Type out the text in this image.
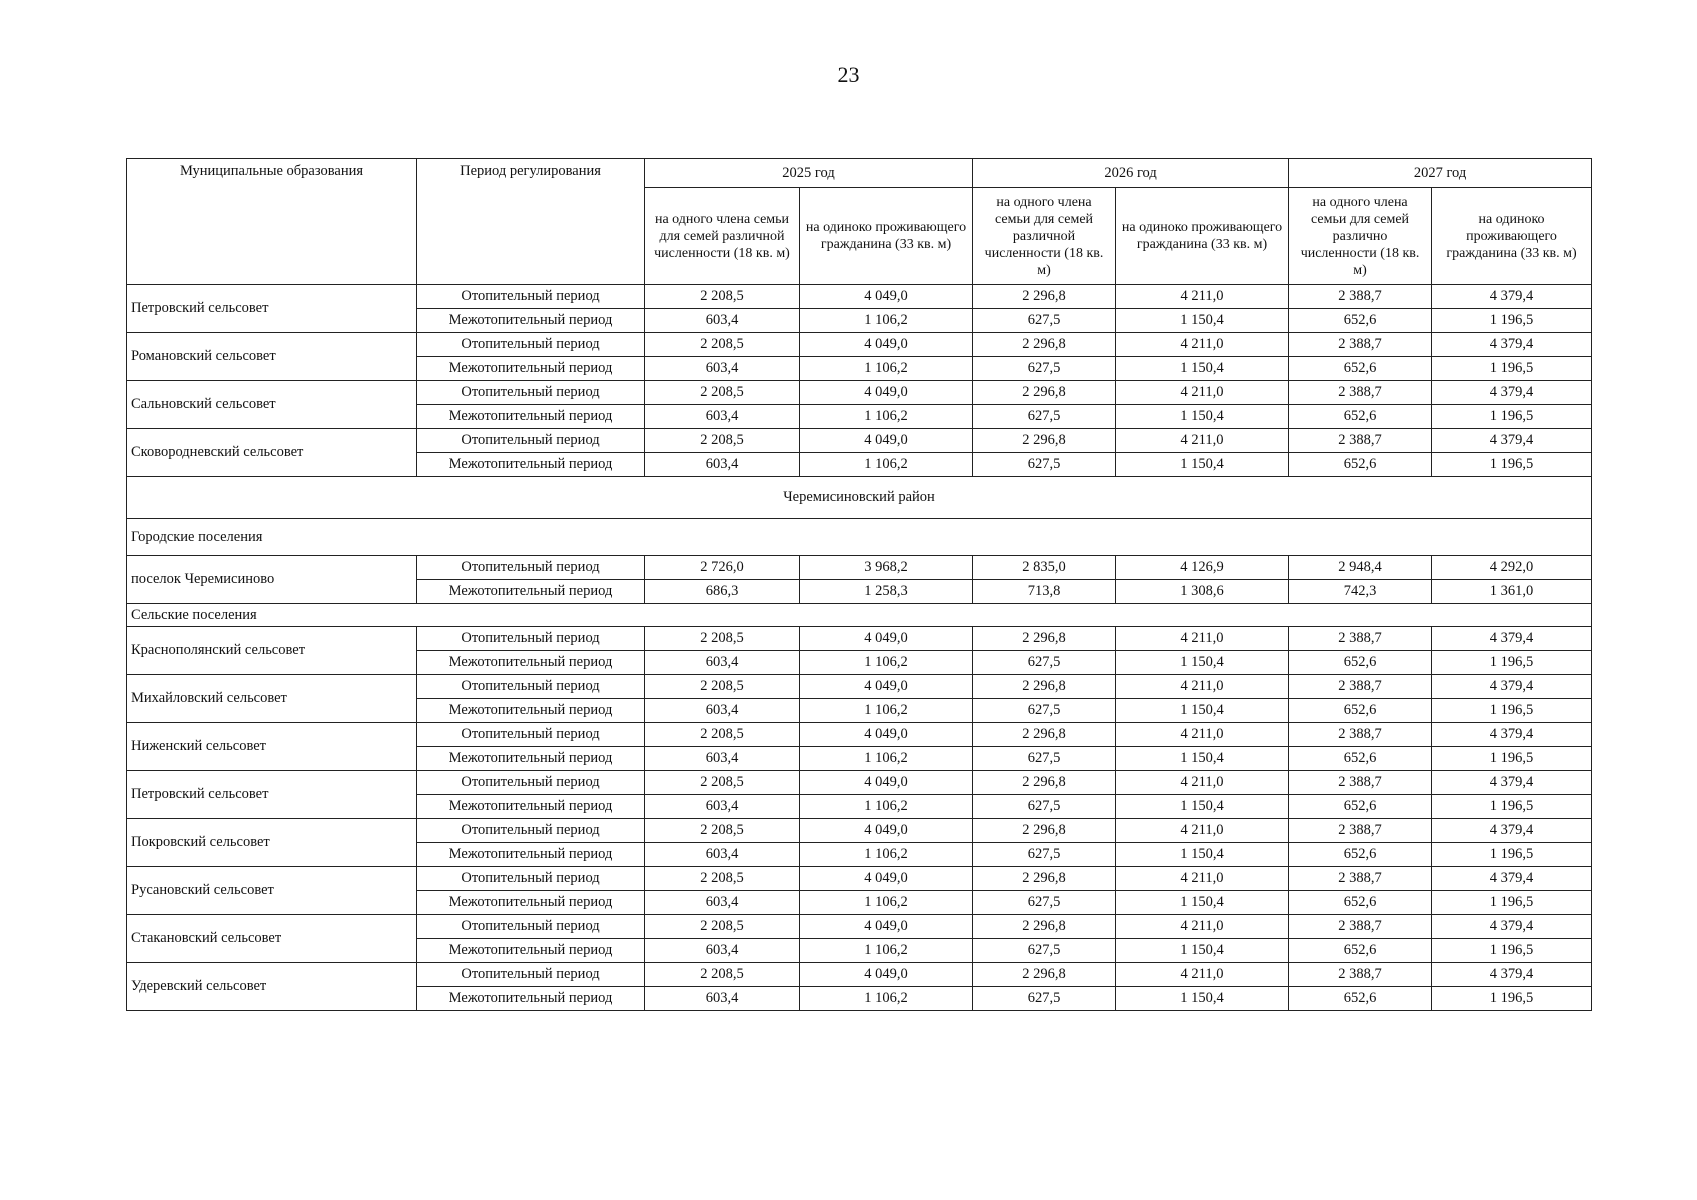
23
Муниципальные образования	Период регулирования	2025 год		2026 год		2027 год	
		на одного члена семьи для семей различной численности (18 кв. м)	на одиноко проживающего гражданина (33 кв. м)	на одного члена семьи для семей различной численности (18 кв. м)	на одиноко проживающего гражданина (33 кв. м)	на одного члена семьи для семей различно численности (18 кв. м)	на одиноко проживающего гражданина (33 кв. м)
Петровский сельсовет	Отопительный период	2 208,5	4 049,0	2 296,8	4 211,0	2 388,7	4 379,4
	Межотопительный период	603,4	1 106,2	627,5	1 150,4	652,6	1 196,5
Романовский сельсовет	Отопительный период	2 208,5	4 049,0	2 296,8	4 211,0	2 388,7	4 379,4
	Межотопительный период	603,4	1 106,2	627,5	1 150,4	652,6	1 196,5
Сальновский сельсовет	Отопительный период	2 208,5	4 049,0	2 296,8	4 211,0	2 388,7	4 379,4
	Межотопительный период	603,4	1 106,2	627,5	1 150,4	652,6	1 196,5
Сковородневский сельсовет	Отопительный период	2 208,5	4 049,0	2 296,8	4 211,0	2 388,7	4 379,4
	Межотопительный период	603,4	1 106,2	627,5	1 150,4	652,6	1 196,5
Черемисиновский район							
Городские поселения							
поселок Черемисиново	Отопительный период	2 726,0	3 968,2	2 835,0	4 126,9	2 948,4	4 292,0
	Межотопительный период	686,3	1 258,3	713,8	1 308,6	742,3	1 361,0
Сельские поселения							
Краснополянский сельсовет	Отопительный период	2 208,5	4 049,0	2 296,8	4 211,0	2 388,7	4 379,4
	Межотопительный период	603,4	1 106,2	627,5	1 150,4	652,6	1 196,5
Михайловский сельсовет	Отопительный период	2 208,5	4 049,0	2 296,8	4 211,0	2 388,7	4 379,4
	Межотопительный период	603,4	1 106,2	627,5	1 150,4	652,6	1 196,5
Ниженский сельсовет	Отопительный период	2 208,5	4 049,0	2 296,8	4 211,0	2 388,7	4 379,4
	Межотопительный период	603,4	1 106,2	627,5	1 150,4	652,6	1 196,5
Петровский сельсовет	Отопительный период	2 208,5	4 049,0	2 296,8	4 211,0	2 388,7	4 379,4
	Межотопительный период	603,4	1 106,2	627,5	1 150,4	652,6	1 196,5
Покровский сельсовет	Отопительный период	2 208,5	4 049,0	2 296,8	4 211,0	2 388,7	4 379,4
	Межотопительный период	603,4	1 106,2	627,5	1 150,4	652,6	1 196,5
Русановский сельсовет	Отопительный период	2 208,5	4 049,0	2 296,8	4 211,0	2 388,7	4 379,4
	Межотопительный период	603,4	1 106,2	627,5	1 150,4	652,6	1 196,5
Стакановский сельсовет	Отопительный период	2 208,5	4 049,0	2 296,8	4 211,0	2 388,7	4 379,4
	Межотопительный период	603,4	1 106,2	627,5	1 150,4	652,6	1 196,5
Удеревский сельсовет	Отопительный период	2 208,5	4 049,0	2 296,8	4 211,0	2 388,7	4 379,4
	Межотопительный период	603,4	1 106,2	627,5	1 150,4	652,6	1 196,5
